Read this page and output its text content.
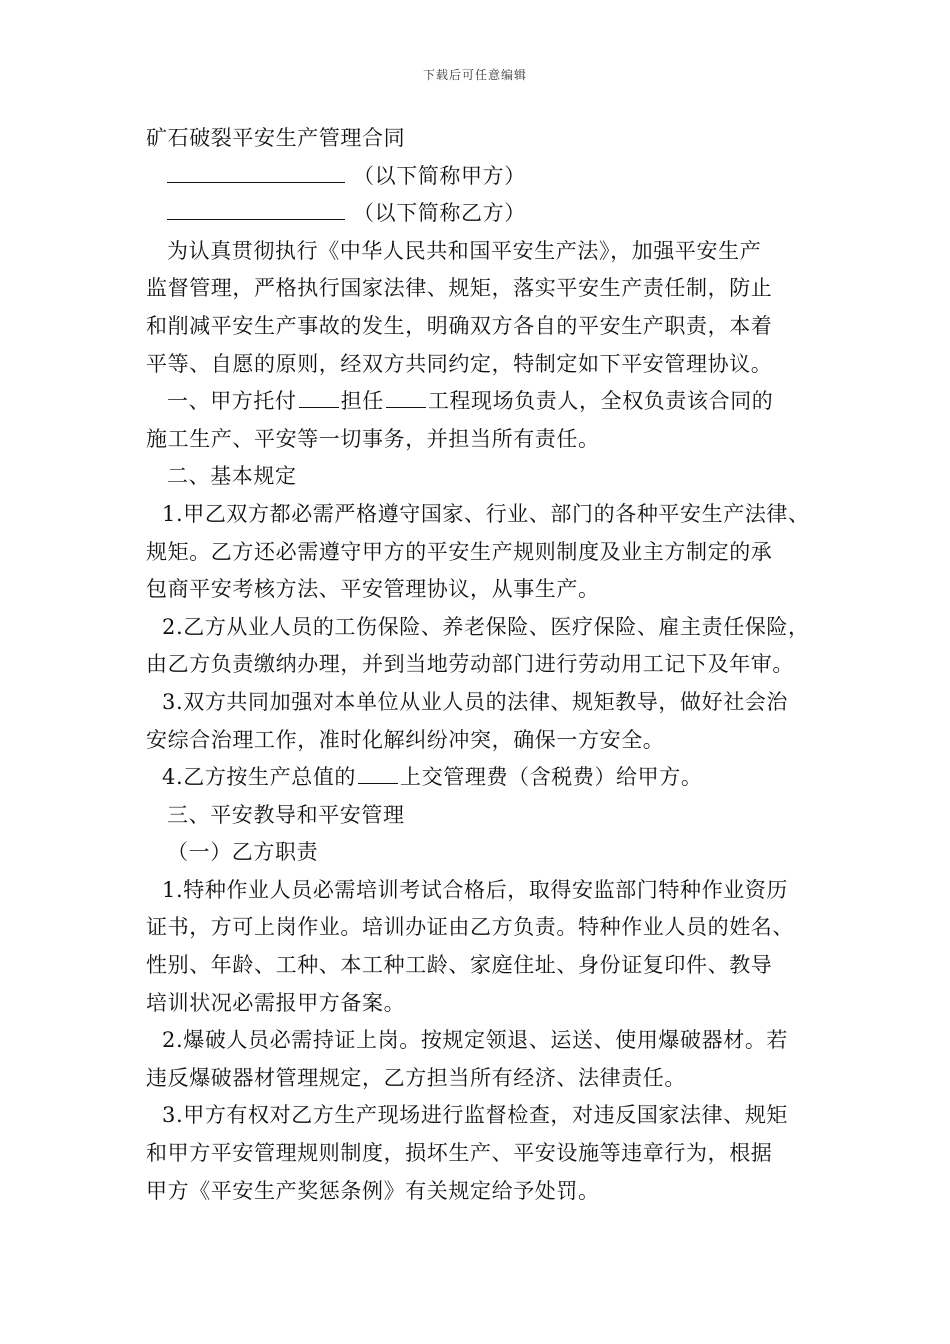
下载后可任意编辑
矿石破裂平安生产管理合同
（以下简称甲方）
（以下简称乙方）
为认真贯彻执行《中华人民共和国平安生产法》，加强平安生产
监督管理，严格执行国家法律、规矩，落实平安生产责任制，防止
和削减平安生产事故的发生，明确双方各自的平安生产职责，本着
平等、自愿的原则，经双方共同约定，特制定如下平安管理协议。
一、甲方托付 担任 工程现场负责人，全权负责该合同的
施工生产、平安等一切事务，并担当所有责任。
二、基本规定
1.甲乙双方都必需严格遵守国家、行业、部门的各种平安生产法律、
规矩。乙方还必需遵守甲方的平安生产规则制度及业主方制定的承
包商平安考核方法、平安管理协议，从事生产。
2.乙方从业人员的工伤保险、养老保险、医疗保险、雇主责任保险，
由乙方负责缴纳办理，并到当地劳动部门进行劳动用工记下及年审。
3.双方共同加强对本单位从业人员的法律、规矩教导，做好社会治
安综合治理工作，准时化解纠纷冲突，确保一方安全。
4.乙方按生产总值的 上交管理费（含税费）给甲方。
三、平安教导和平安管理
（一）乙方职责
1.特种作业人员必需培训考试合格后，取得安监部门特种作业资历
证书，方可上岗作业。培训办证由乙方负责。特种作业人员的姓名、
性别、年龄、工种、本工种工龄、家庭住址、身份证复印件、教导
培训状况必需报甲方备案。
2.爆破人员必需持证上岗。按规定领退、运送、使用爆破器材。若
违反爆破器材管理规定，乙方担当所有经济、法律责任。
3.甲方有权对乙方生产现场进行监督检查，对违反国家法律、规矩
和甲方平安管理规则制度，损坏生产、平安设施等违章行为，根据
甲方《平安生产奖惩条例》有关规定给予处罚。
